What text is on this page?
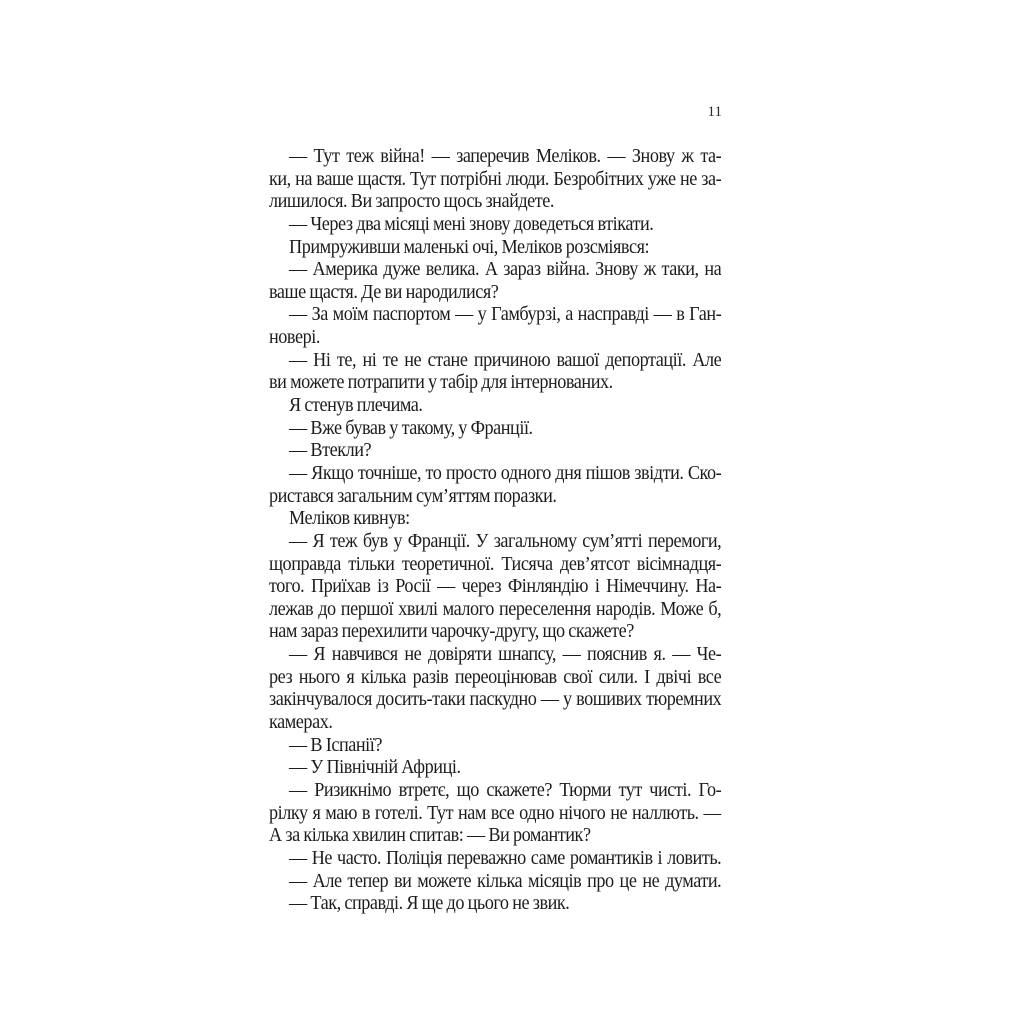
11
— Тут теж війна! — заперечив Меліков. — Знову ж та-
ки, на ваше щастя. Тут потрібні люди. Безробітних уже не за-
лишилося. Ви запросто щось знайдете.
— Через два місяці мені знову доведеться втікати.
Примруживши маленькі очі, Меліков розсміявся:
— Америка дуже велика. А зараз війна. Знову ж таки, на
ваше щастя. Де ви народилися?
— За моїм паспортом — у Гамбурзі, а насправді — в Ган-
новері.
— Ні те, ні те не стане причиною вашої депортації. Але
ви можете потрапити у табір для інтернованих.
Я стенув плечима.
— Вже бував у такому, у Франції.
— Втекли?
— Якщо точніше, то просто одного дня пішов звідти. Ско-
ристався загальним сум’яттям поразки.
Меліков кивнув:
— Я теж був у Франції. У загальному сум’ятті перемоги,
щоправда тільки теоретичної. Тисяча дев’ятсот вісімнадця-
того. Приїхав із Росії — через Фінляндію і Німеччину. На-
лежав до першої хвилі малого переселення народів. Може б,
нам зараз перехилити чарочку-другу, що скажете?
— Я навчився не довіряти шнапсу, — пояснив я. — Че-
рез нього я кілька разів переоцінював свої сили. І двічі все
закінчувалося досить-таки паскудно — у вошивих тюремних
камерах.
— В Іспанії?
— У Північній Африці.
— Ризикнімо втретє, що скажете? Тюрми тут чисті. Го-
рілку я маю в готелі. Тут нам все одно нічого не наллють. —
А за кілька хвилин спитав: — Ви романтик?
— Не часто. Поліція переважно саме романтиків і ловить.
— Але тепер ви можете кілька місяців про це не думати.
— Так, справді. Я ще до цього не звик.
